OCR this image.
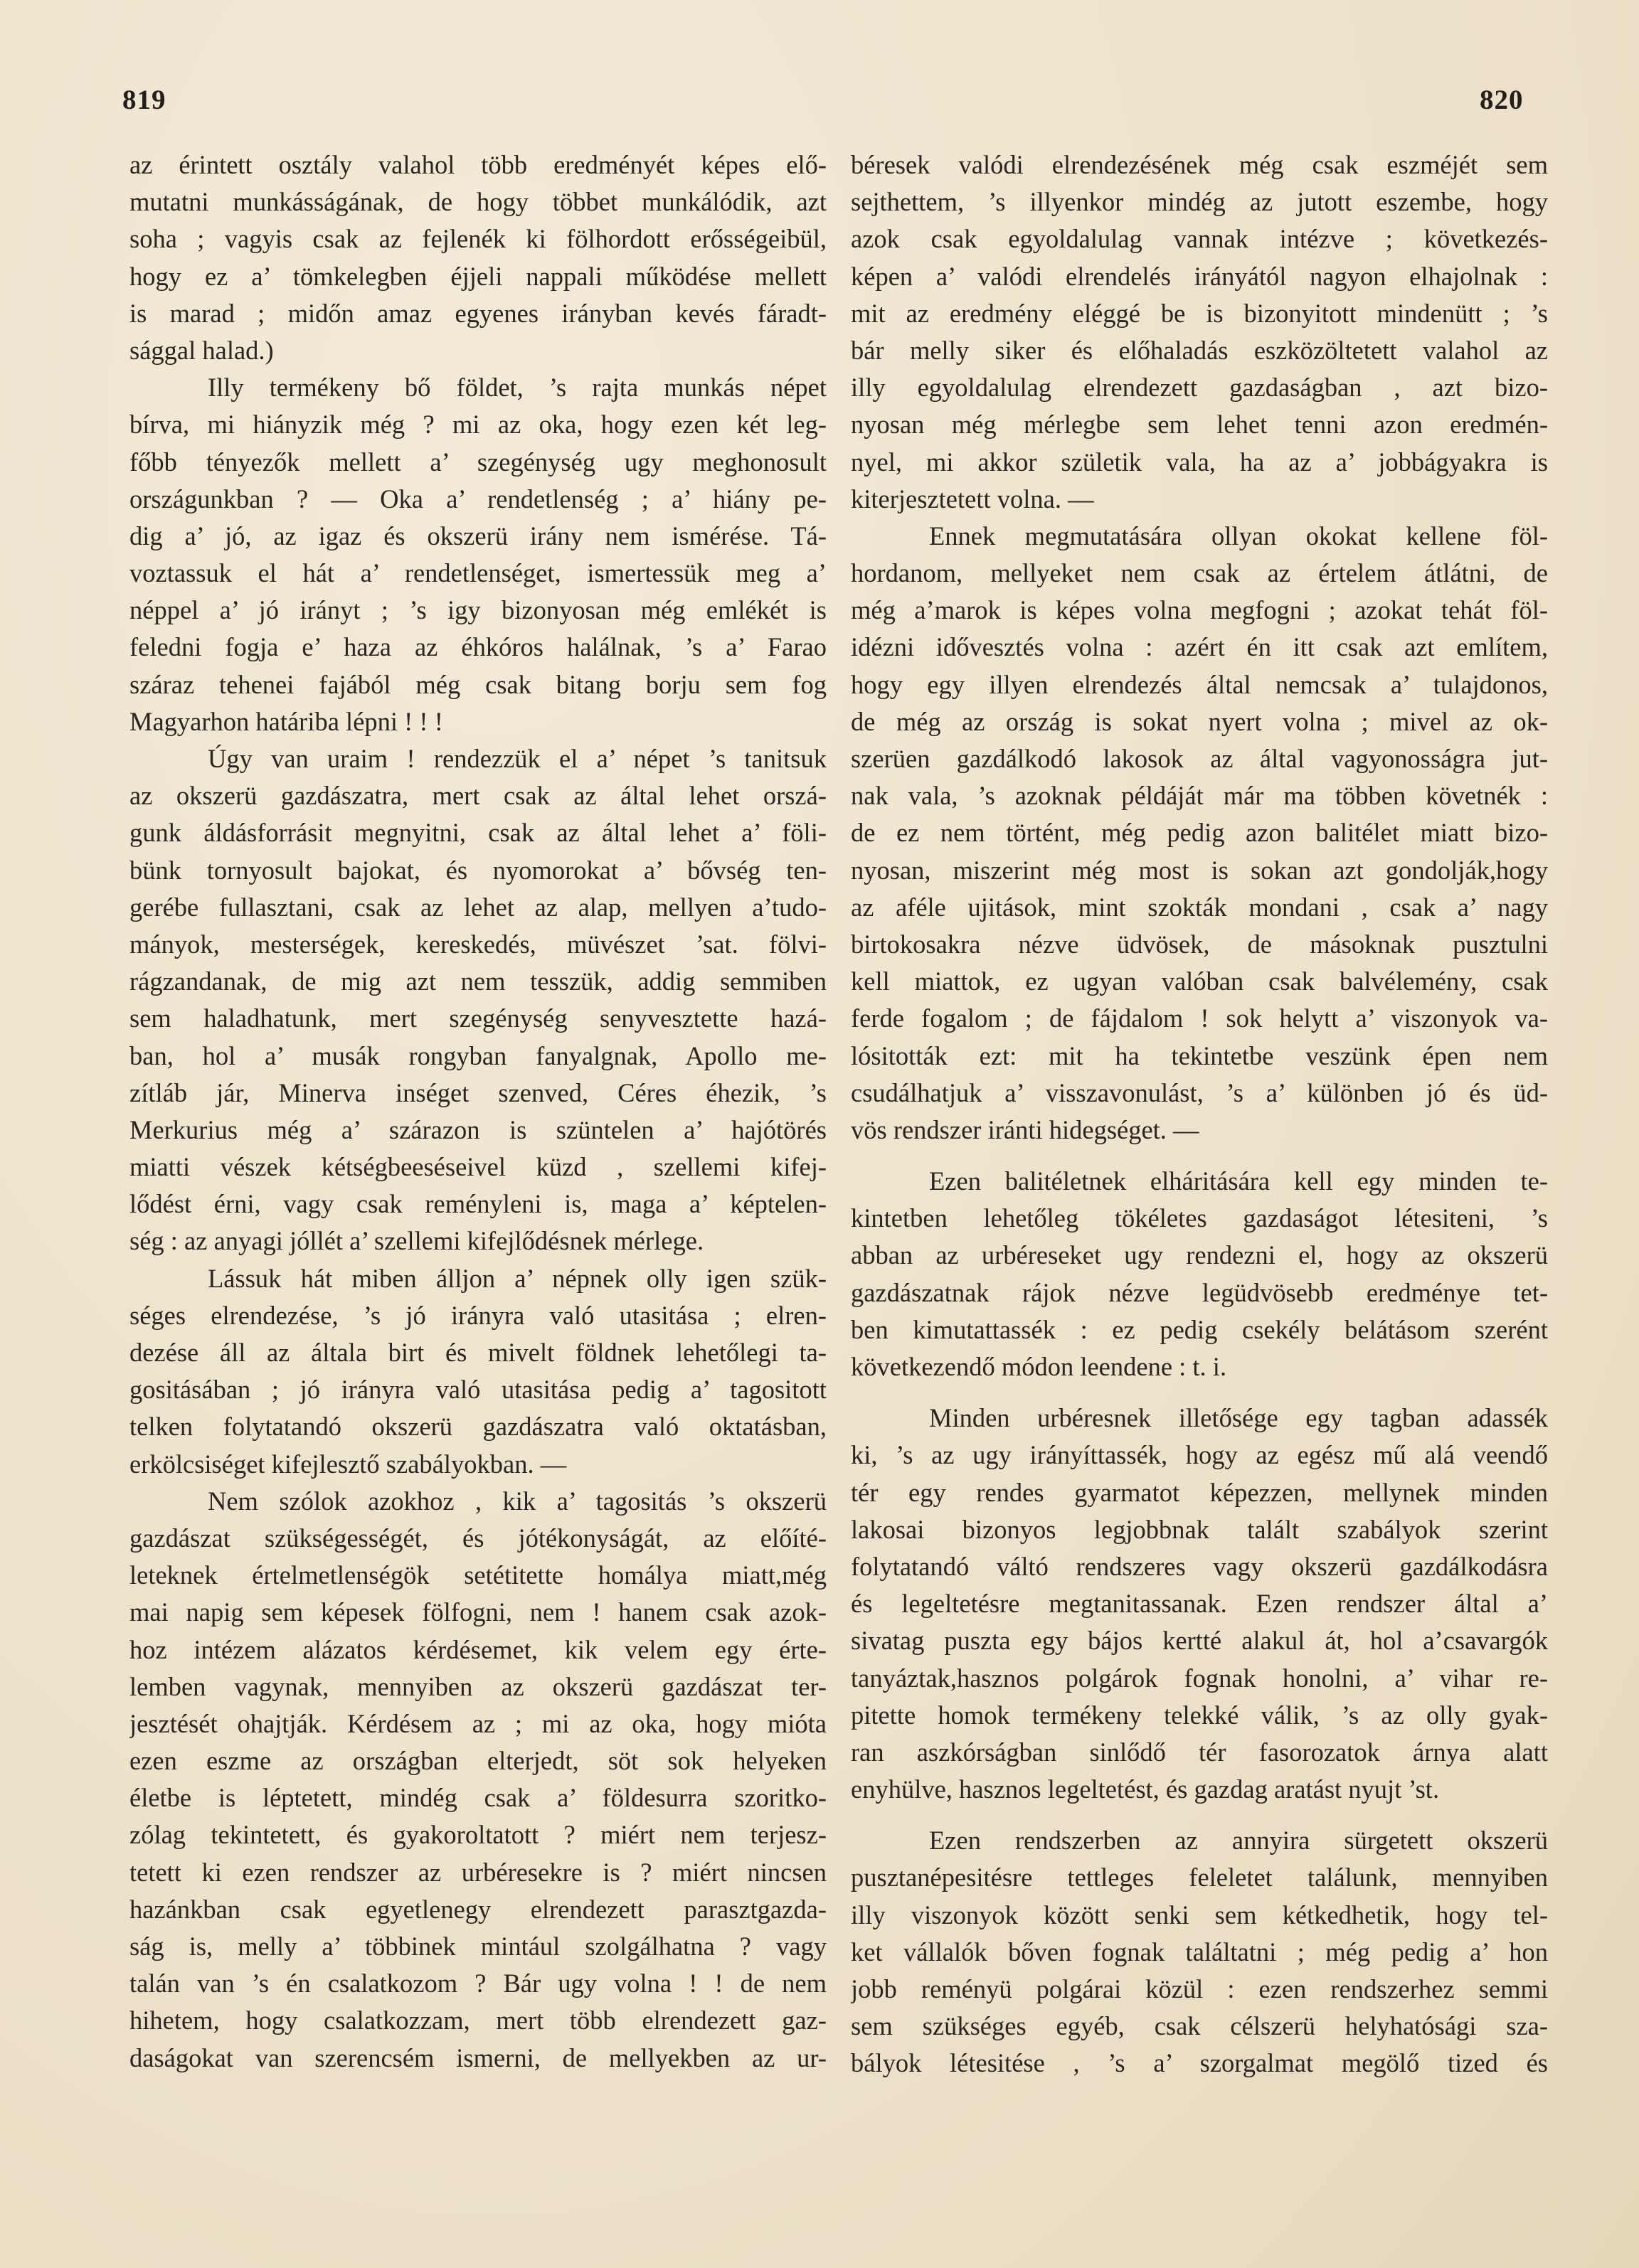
819	820
az érintett osztály valahol több eredményét képes elő-
mutatni munkásságának, de hogy többet munkálódik, azt
soha ; vagyis csak az fejlenék ki fölhordott erősségeibül,
hogy ez a’ tömkelegben éjjeli nappali működése mellett
is marad ; midőn amaz egyenes irányban kevés fáradt-
sággal halad.)
Illy termékeny bő földet, ’s rajta munkás népet
bírva, mi hiányzik még ? mi az oka, hogy ezen két leg-
főbb tényezők mellett a’ szegénység ugy meghonosult
országunkban ? — Oka a’ rendetlenség ; a’ hiány pe-
dig a’ jó, az igaz és okszerü irány nem ismérése. Tá-
voztassuk el hát a’ rendetlenséget, ismertessük meg a’
néppel a’ jó irányt ; ’s igy bizonyosan még emlékét is
feledni fogja e’ haza az éhkóros halálnak, ’s a’ Farao
száraz tehenei fajából még csak bitang borju sem fog
Magyarhon határiba lépni ! ! !
Úgy van uraim ! rendezzük el a’ népet ’s tanitsuk
az okszerü gazdászatra, mert csak az által lehet orszá-
gunk áldásforrásit megnyitni, csak az által lehet a’ föli-
bünk tornyosult bajokat, és nyomorokat a’ bővség ten-
gerébe fullasztani, csak az lehet az alap, mellyen a’tudo-
mányok, mesterségek, kereskedés, müvészet ’sat. fölvi-
rágzandanak, de mig azt nem tesszük, addig semmiben
sem haladhatunk, mert szegénység senyvesztette hazá-
ban, hol a’ musák rongyban fanyalgnak, Apollo me-
zítláb jár, Minerva inséget szenved, Céres éhezik, ’s
Merkurius még a’ szárazon is szüntelen a’ hajótörés
miatti vészek kétségbeeséseivel küzd , szellemi kifej-
lődést érni, vagy csak reményleni is, maga a’ képtelen-
ség : az anyagi jóllét a’ szellemi kifejlődésnek mérlege.
Lássuk hát miben álljon a’ népnek olly igen szük-
séges elrendezése, ’s jó irányra való utasitása ; elren-
dezése áll az általa birt és mivelt földnek lehetőlegi ta-
gositásában ; jó irányra való utasitása pedig a’ tagositott
telken folytatandó okszerü gazdászatra való oktatásban,
erkölcsiséget kifejlesztő szabályokban. —
Nem szólok azokhoz , kik a’ tagositás ’s okszerü
gazdászat szükségességét, és jótékonyságát, az előíté-
leteknek értelmetlenségök setétitette homálya miatt,még
mai napig sem képesek fölfogni, nem ! hanem csak azok-
hoz intézem alázatos kérdésemet, kik velem egy érte-
lemben vagynak, mennyiben az okszerü gazdászat ter-
jesztését ohajtják. Kérdésem az ; mi az oka, hogy mióta
ezen eszme az országban elterjedt, söt sok helyeken
életbe is léptetett, mindég csak a’ földesurra szoritko-
zólag tekintetett, és gyakoroltatott ? miért nem terjesz-
tetett ki ezen rendszer az urbéresekre is ? miért nincsen
hazánkban csak egyetlenegy elrendezett parasztgazda-
ság is, melly a’ többinek mintául szolgálhatna ? vagy
talán van ’s én csalatkozom ? Bár ugy volna ! ! de nem
hihetem, hogy csalatkozzam, mert több elrendezett gaz-
daságokat van szerencsém ismerni, de mellyekben az ur-
béresek valódi elrendezésének még csak eszméjét sem
sejthettem, ’s illyenkor mindég az jutott eszembe, hogy
azok csak egyoldalulag vannak intézve ; következés-
képen a’ valódi elrendelés irányától nagyon elhajolnak :
mit az eredmény eléggé be is bizonyitott mindenütt ; ’s
bár melly siker és előhaladás eszközöltetett valahol az
illy egyoldalulag elrendezett gazdaságban , azt bizo-
nyosan még mérlegbe sem lehet tenni azon eredmén-
nyel, mi akkor születik vala, ha az a’ jobbágyakra is
kiterjesztetett volna. —
Ennek megmutatására ollyan okokat kellene föl-
hordanom, mellyeket nem csak az értelem átlátni, de
még a’marok is képes volna megfogni ; azokat tehát föl-
idézni idővesztés volna : azért én itt csak azt említem,
hogy egy illyen elrendezés által nemcsak a’ tulajdonos,
de még az ország is sokat nyert volna ; mivel az ok-
szerüen gazdálkodó lakosok az által vagyonosságra jut-
nak vala, ’s azoknak példáját már ma többen követnék :
de ez nem történt, még pedig azon balitélet miatt bizo-
nyosan, miszerint még most is sokan azt gondolják,hogy
az aféle ujitások, mint szokták mondani , csak a’ nagy
birtokosakra nézve üdvösek, de másoknak pusztulni
kell miattok, ez ugyan valóban csak balvélemény, csak
ferde fogalom ; de fájdalom ! sok helytt a’ viszonyok va-
lósitották ezt: mit ha tekintetbe veszünk épen nem
csudálhatjuk a’ visszavonulást, ’s a’ különben jó és üd-
vös rendszer iránti hidegséget. —
Ezen balitéletnek elháritására kell egy minden te-
kintetben lehetőleg tökéletes gazdaságot létesiteni, ’s
abban az urbéreseket ugy rendezni el, hogy az okszerü
gazdászatnak rájok nézve legüdvösebb eredménye tet-
ben kimutattassék : ez pedig csekély belátásom szerént
következendő módon leendene : t. i.
Minden urbéresnek illetősége egy tagban adassék
ki, ’s az ugy irányíttassék, hogy az egész mű alá veendő
tér egy rendes gyarmatot képezzen, mellynek minden
lakosai bizonyos legjobbnak talált szabályok szerint
folytatandó váltó rendszeres vagy okszerü gazdálkodásra
és legeltetésre megtanitassanak. Ezen rendszer által a’
sivatag puszta egy bájos kertté alakul át, hol a’csavargók
tanyáztak,hasznos polgárok fognak honolni, a’ vihar re-
pitette homok termékeny telekké válik, ’s az olly gyak-
ran aszkórságban sinlődő tér fasorozatok árnya alatt
enyhülve, hasznos legeltetést, és gazdag aratást nyujt ’st.
Ezen rendszerben az annyira sürgetett okszerü
pusztanépesitésre tettleges feleletet találunk, mennyiben
illy viszonyok között senki sem kétkedhetik, hogy tel-
ket vállalók bőven fognak találtatni ; még pedig a’ hon
jobb reményü polgárai közül : ezen rendszerhez semmi
sem szükséges egyéb, csak célszerü helyhatósági sza-
bályok létesitése , ’s a’ szorgalmat megölő tized és
